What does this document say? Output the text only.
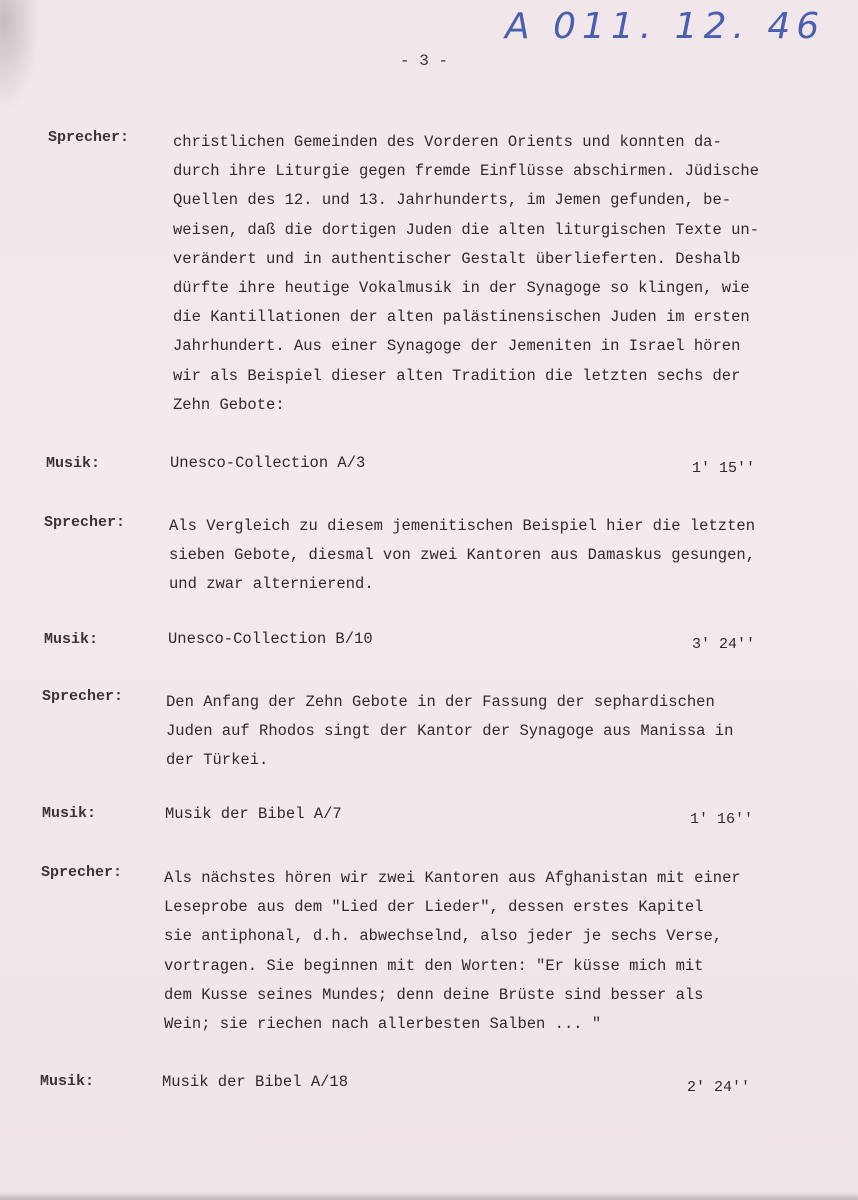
A 011. 12. 46
- 3 -
Sprecher:	christlichen Gemeinden des Vorderen Orients und konnten da-
durch ihre Liturgie gegen fremde Einflüsse abschirmen. Jüdische
Quellen des 12. und 13. Jahrhunderts, im Jemen gefunden, be-
weisen, daß die dortigen Juden die alten liturgischen Texte un-
verändert und in authentischer Gestalt überlieferten. Deshalb
dürfte ihre heutige Vokalmusik in der Synagoge so klingen, wie
die Kantillationen der alten palästinensischen Juden im ersten
Jahrhundert. Aus einer Synagoge der Jemeniten in Israel hören
wir als Beispiel dieser alten Tradition die letzten sechs der
Zehn Gebote:
Musik:	Unesco-Collection A/3	1' 15''
Sprecher:	Als Vergleich zu diesem jemenitischen Beispiel hier die letzten
sieben Gebote, diesmal von zwei Kantoren aus Damaskus gesungen,
und zwar alternierend.
Musik:	Unesco-Collection B/10	3' 24''
Sprecher:	Den Anfang der Zehn Gebote in der Fassung der sephardischen
Juden auf Rhodos singt der Kantor der Synagoge aus Manissa in
der Türkei.
Musik:	Musik der Bibel A/7	1' 16''
Sprecher:	Als nächstes hören wir zwei Kantoren aus Afghanistan mit einer
Leseprobe aus dem "Lied der Lieder", dessen erstes Kapitel
sie antiphonal, d.h. abwechselnd, also jeder je sechs Verse,
vortragen. Sie beginnen mit den Worten: "Er küsse mich mit
dem Kusse seines Mundes; denn deine Brüste sind besser als
Wein; sie riechen nach allerbesten Salben ... "
Musik:	Musik der Bibel A/18	2' 24''
